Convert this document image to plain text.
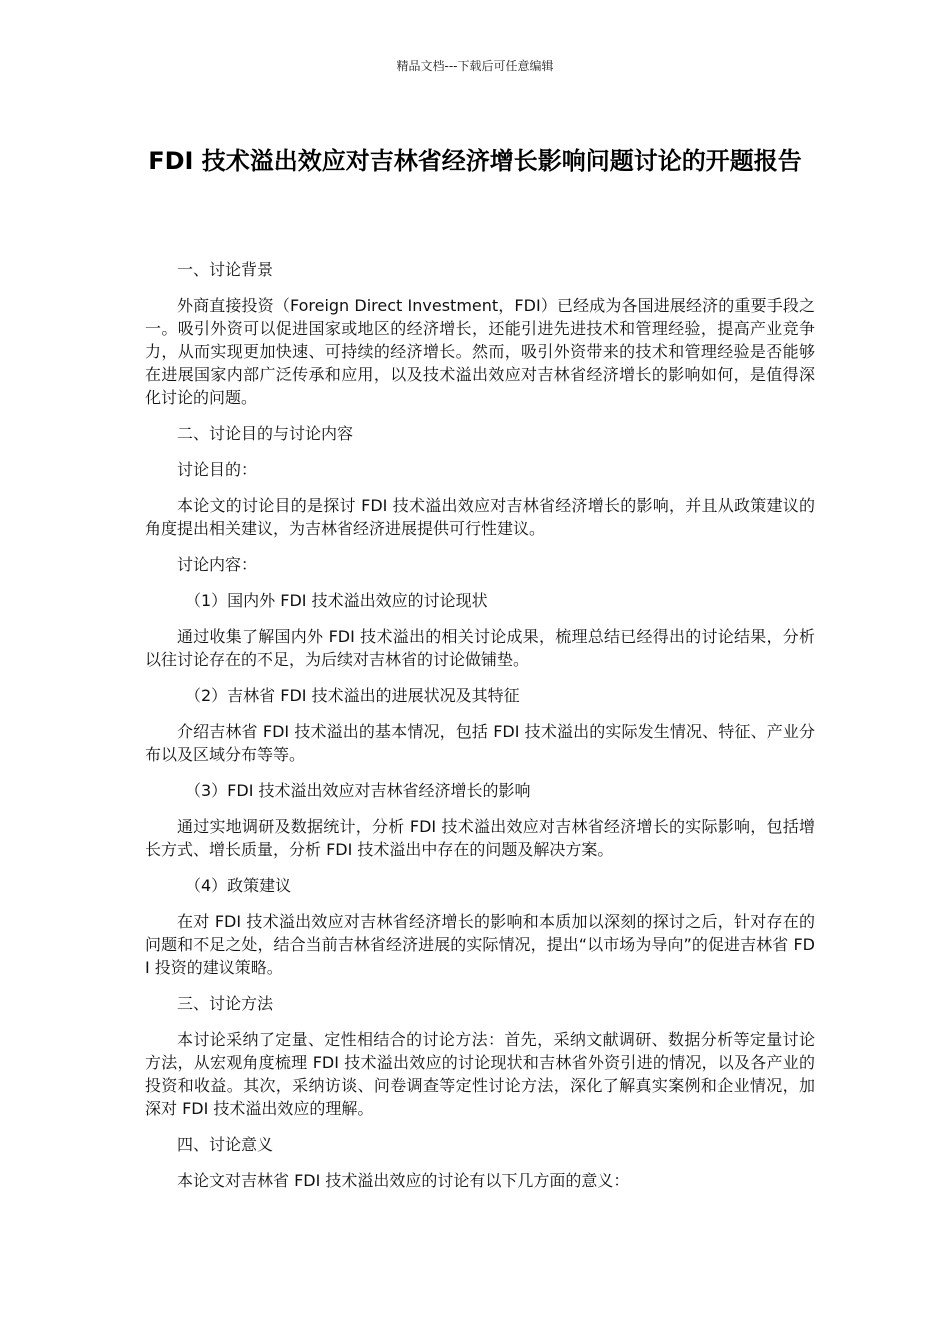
精品文档---下载后可任意编辑
FDI 技术溢出效应对吉林省经济增长影响问题讨论的开题报告

一、讨论背景

外商直接投资（Foreign Direct Investment，FDI）已经成为各国进展经济的重要手段之一。吸引外资可以促进国家或地区的经济增长，还能引进先进技术和管理经验，提高产业竞争力，从而实现更加快速、可持续的经济增长。然而，吸引外资带来的技术和管理经验是否能够在进展国家内部广泛传承和应用，以及技术溢出效应对吉林省经济增长的影响如何，是值得深化讨论的问题。

二、讨论目的与讨论内容

讨论目的：

本论文的讨论目的是探讨 FDI 技术溢出效应对吉林省经济增长的影响，并且从政策建议的角度提出相关建议，为吉林省经济进展提供可行性建议。

讨论内容：

（1）国内外 FDI 技术溢出效应的讨论现状

通过收集了解国内外 FDI 技术溢出的相关讨论成果，梳理总结已经得出的讨论结果，分析以往讨论存在的不足，为后续对吉林省的讨论做铺垫。

（2）吉林省 FDI 技术溢出的进展状况及其特征

介绍吉林省 FDI 技术溢出的基本情况，包括 FDI 技术溢出的实际发生情况、特征、产业分布以及区域分布等等。

（3）FDI 技术溢出效应对吉林省经济增长的影响

通过实地调研及数据统计，分析 FDI 技术溢出效应对吉林省经济增长的实际影响，包括增长方式、增长质量，分析 FDI 技术溢出中存在的问题及解决方案。

（4）政策建议

在对 FDI 技术溢出效应对吉林省经济增长的影响和本质加以深刻的探讨之后，针对存在的问题和不足之处，结合当前吉林省经济进展的实际情况，提出“以市场为导向”的促进吉林省 FDI 投资的建议策略。

三、讨论方法

本讨论采纳了定量、定性相结合的讨论方法：首先，采纳文献调研、数据分析等定量讨论方法，从宏观角度梳理 FDI 技术溢出效应的讨论现状和吉林省外资引进的情况，以及各产业的投资和收益。其次，采纳访谈、问卷调查等定性讨论方法，深化了解真实案例和企业情况，加深对 FDI 技术溢出效应的理解。

四、讨论意义

本论文对吉林省 FDI 技术溢出效应的讨论有以下几方面的意义：
